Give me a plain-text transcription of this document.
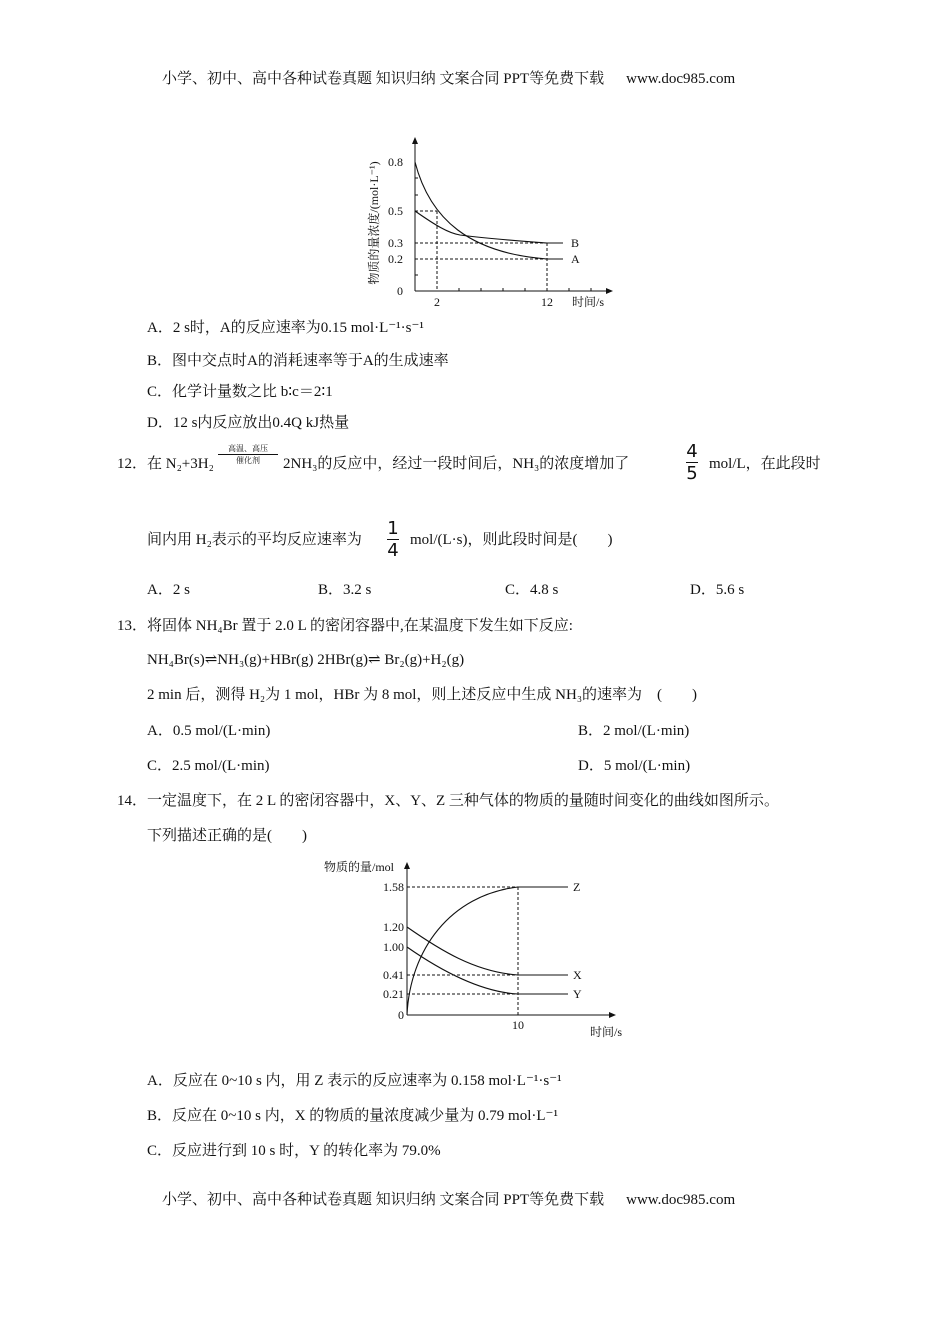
小学、初中、高中各种试卷真题 知识归纳 文案合同 PPT等免费下载 www.doc985.com
物质的量浓度/(mol·L⁻¹) 0.8
0.5
0.3
0.2
0
2	12 时间/s
B
A
A．2 s时，A的反应速率为0.15 mol·L⁻¹·s⁻¹
B．图中交点时A的消耗速率等于A的生成速率
C．化学计量数之比 b∶c＝2∶1
D．12 s内反应放出0.4Q kJ热量
12． 在 N₂+3H₂
高温、高压
催化剂	2NH₃的反应中，经过一段时间后，NH₃的浓度增加了
4
5 mol/L，在此段时
间内用 H₂表示的平均反应速率为
1
4 mol/(L·s)，则此段时间是(　　)
A．2 s	B．3.2 s	C．4.8 s	D．5.6 s
13． 将固体 NH₄Br 置于 2.0 L 的密闭容器中,在某温度下发生如下反应:
NH₄Br(s)⇌NH₃(g)+HBr(g) 2HBr(g)⇌ Br₂(g)+H₂(g)
2 min 后，测得 H₂为 1 mol，HBr 为 8 mol，则上述反应中生成 NH₃的速率为　(　　)
A．0.5 mol/(L·min)	B．2 mol/(L·min)
C．2.5 mol/(L·min)	D．5 mol/(L·min)
14． 一定温度下，在 2 L 的密闭容器中，X、Y、Z 三种气体的物质的量随时间变化的曲线如图所示。
下列描述正确的是(　　)
物质的量/mol
1.58
1.20
1.00
0.41
0.21
0
10	时间/s
Z
X
Y
A．反应在 0~10 s 内，用 Z 表示的反应速率为 0.158 mol·L⁻¹·s⁻¹
B．反应在 0~10 s 内，X 的物质的量浓度减少量为 0.79 mol·L⁻¹
C．反应进行到 10 s 时，Y 的转化率为 79.0%
小学、初中、高中各种试卷真题 知识归纳 文案合同 PPT等免费下载 www.doc985.com
